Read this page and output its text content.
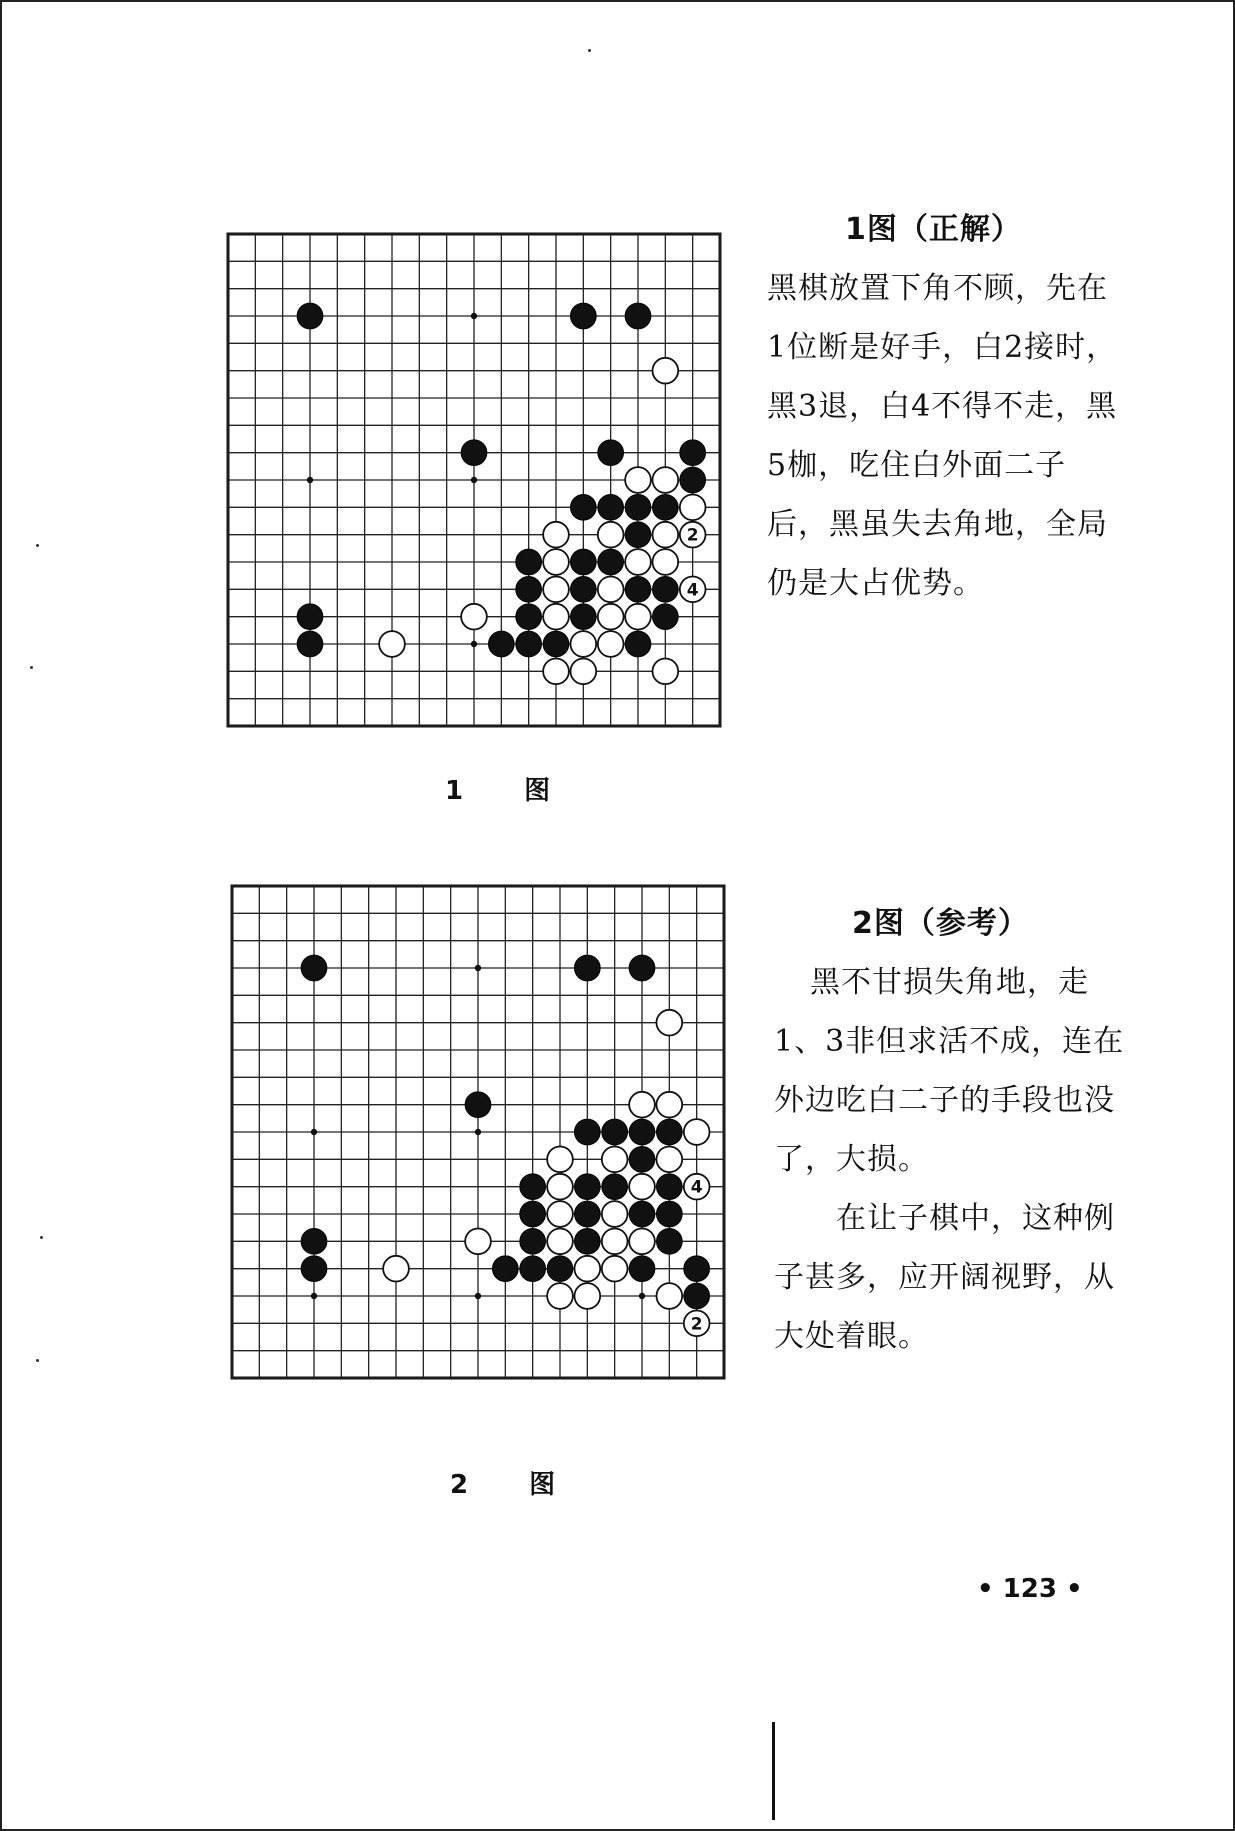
2
4
1 图
1图（正解）

黑棋放置下角不顾，先在1位断是好手，白2接时，黑3退，白4不得不走，黑5枷，吃住白外面二子后，黑虽失去角地，全局仍是大占优势。

4
2
2 图
2图（参考）

黑不甘损失角地，走1、3非但求活不成，连在外边吃白二子的手段也没了，大损。

在让子棋中，这种例子甚多，应开阔视野，从大处着眼。

• 123 •
